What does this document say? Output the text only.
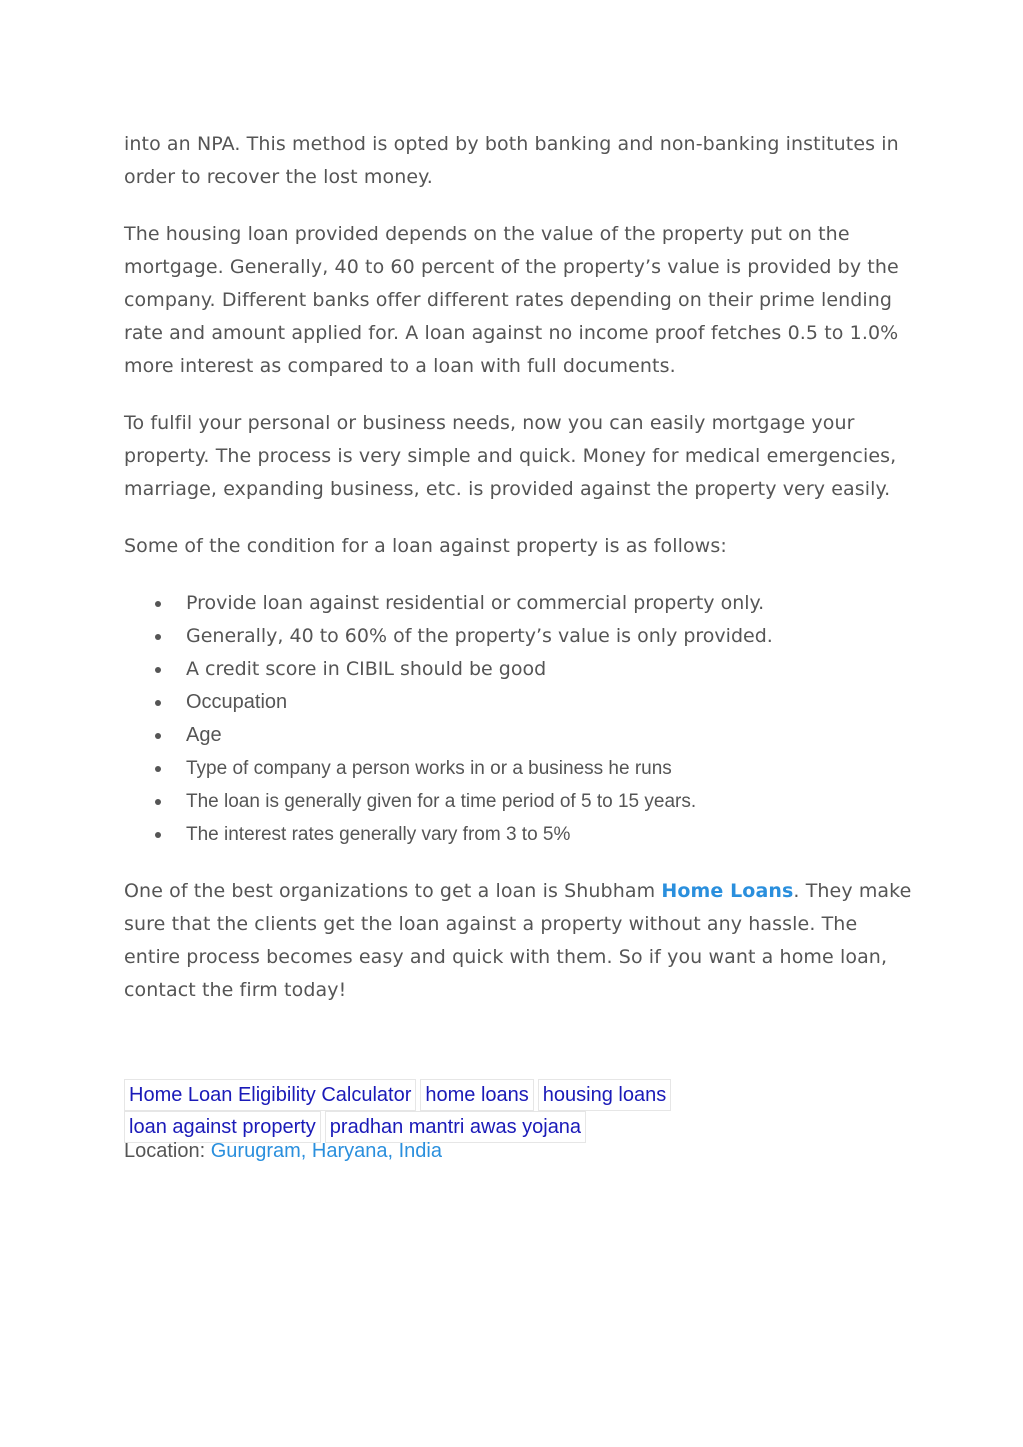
into an NPA. This method is opted by both banking and non-banking institutes in order to recover the lost money.

The housing loan provided depends on the value of the property put on the mortgage. Generally, 40 to 60 percent of the property’s value is provided by the company. Different banks offer different rates depending on their prime lending rate and amount applied for. A loan against no income proof fetches 0.5 to 1.0% more interest as compared to a loan with full documents.

To fulfil your personal or business needs, now you can easily mortgage your property. The process is very simple and quick. Money for medical emergencies, marriage, expanding business, etc. is provided against the property very easily.

Some of the condition for a loan against property is as follows:

Provide loan against residential or commercial property only.
Generally, 40 to 60% of the property’s value is only provided.
A credit score in CIBIL should be good
Occupation
Age
Type of company a person works in or a business he runs
The loan is generally given for a time period of 5 to 15 years.
The interest rates generally vary from 3 to 5%

One of the best organizations to get a loan is Shubham Home Loans. They make sure that the clients get the loan against a property without any hassle. The entire process becomes easy and quick with them. So if you want a home loan, contact the firm today!

Home Loan Eligibility Calculator home loans housing loansloan against property pradhan mantri awas yojana
Location: Gurugram, Haryana, India
